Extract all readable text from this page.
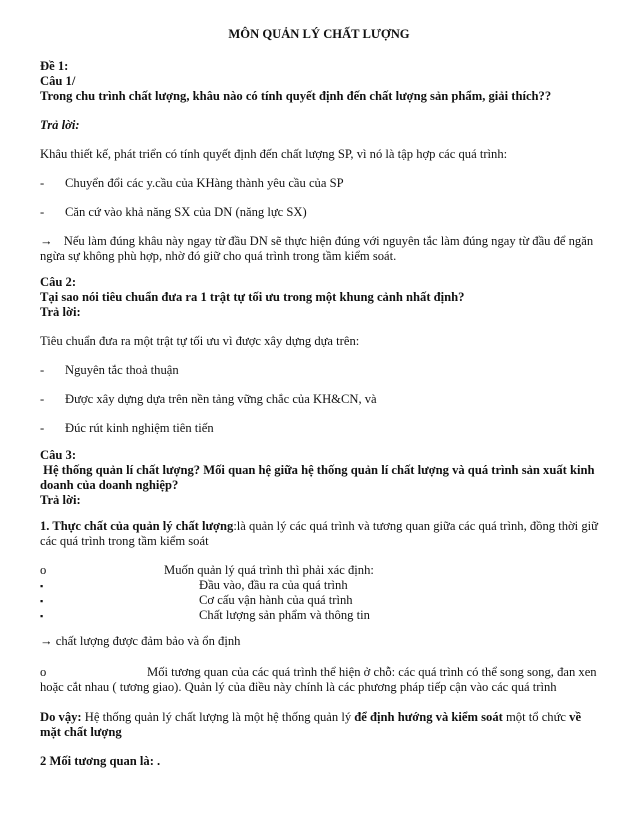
MÔN QUẢN LÝ CHẤT LƯỢNG
Đề 1:
Câu 1/
Trong chu trình chất lượng, khâu nào có tính quyết định đến chất lượng sản phẩm, giải thích??
Trả lời:
Khâu thiết kế, phát triển có tính quyết định đến chất lượng SP, vì nó là tập hợp các quá trình:
- Chuyển đổi các y.cầu của KHàng thành yêu cầu của SP
- Căn cứ vào khả năng SX của DN (năng lực SX)
→ Nếu làm đúng khâu này ngay từ đầu DN sẽ thực hiện đúng với nguyên tắc làm đúng ngay từ đầu để ngăn
ngừa sự không phù hợp, nhờ đó giữ cho quá trình trong tầm kiểm soát.
Câu 2:
Tại sao nói tiêu chuẩn đưa ra 1 trật tự tối ưu trong một khung cảnh nhất định?
Trả lời:
Tiêu chuẩn đưa ra một trật tự tối ưu vì được xây dựng dựa trên:
- Nguyên tắc thoả thuận
- Được xây dựng dựa trên nền tảng vững chắc của KH&CN, và
- Đúc rút kinh nghiệm tiên tiến
Câu 3:
Hệ thống quản lí chất lượng? Mối quan hệ giữa hệ thống quản lí chất lượng và quá trình sản xuất kinh
doanh của doanh nghiệp?
Trả lời:
1. Thực chất của quản lý chất lượng:là quản lý các quá trình và tương quan giữa các quá trình, đồng thời giữ
các quá trình trong tầm kiểm soát
o	Muốn quản lý quá trình thì phải xác định:
▪	Đầu vào, đầu ra của quá trình
▪	Cơ cấu vận hành của quá trình
▪	Chất lượng sản phẩm và thông tin
→ chất lượng được đảm bảo và ổn định
o	Mối tương quan của các quá trình thể hiện ở chỗ: các quá trình có thể song song, đan xen
hoặc cắt nhau ( tương giao). Quản lý của điều này chính là các phương pháp tiếp cận vào các quá trình
Do vậy: Hệ thống quản lý chất lượng là một hệ thống quản lý để định hướng và kiểm soát một tổ chức về
mặt chất lượng
2 Mối tương quan là: .
